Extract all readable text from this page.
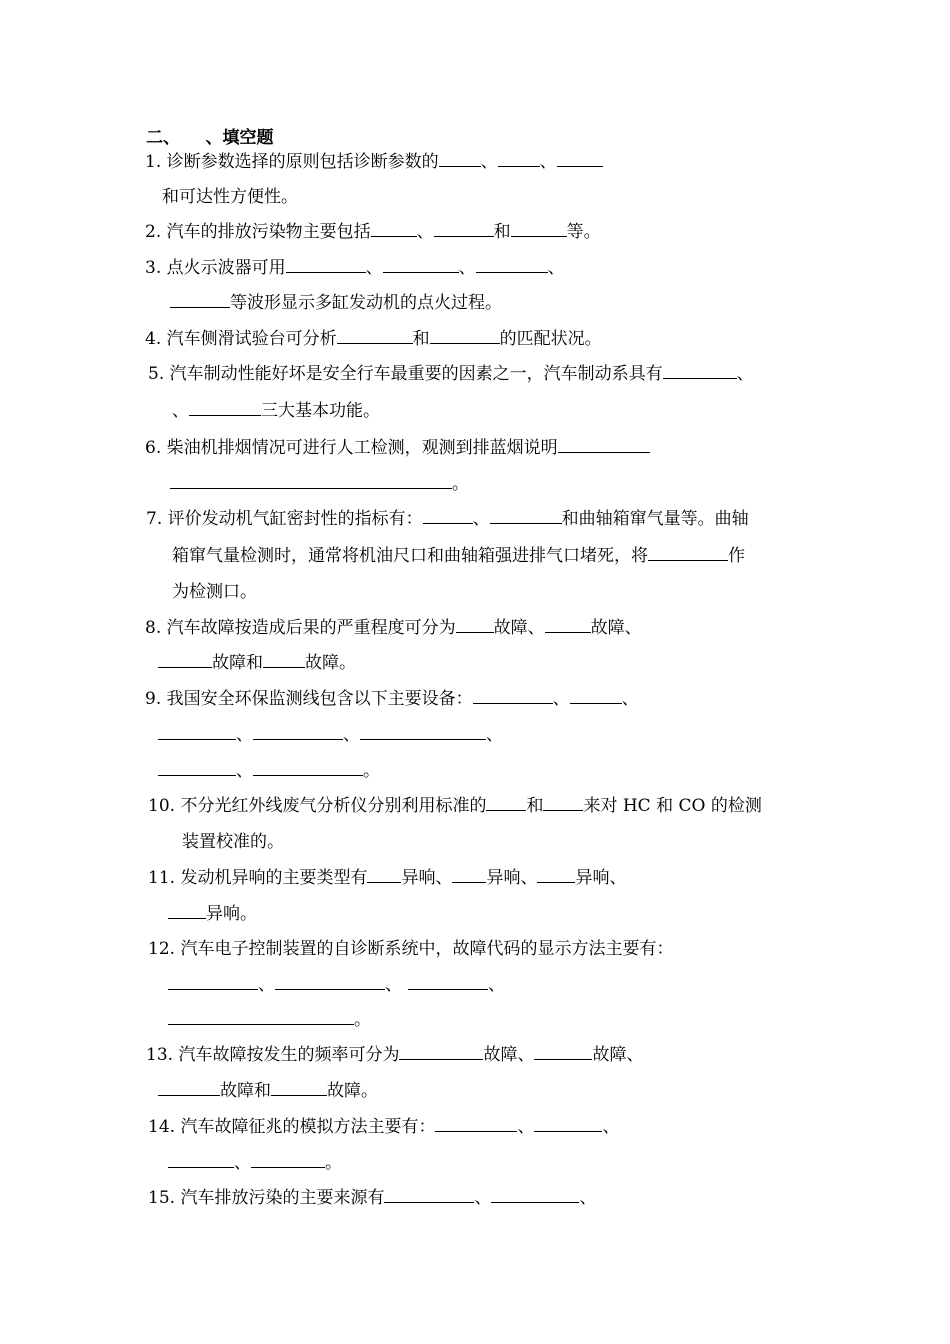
二、　　、填空题
1. 诊断参数选择的原则包括诊断参数的 、 、
和可达性方便性。
2. 汽车的排放污染物主要包括	、	和	等。
3. 点火示波器可用	、	、	、
等波形显示多缸发动机的点火过程。
4. 汽车侧滑试验台可分析	和	的匹配状况。
5. 汽车制动性能好坏是安全行车最重要的因素之一，汽车制动系具有	、
、	三大基本功能。
6. 柴油机排烟情况可进行人工检测，观测到排蓝烟说明
。
7. 评价发动机气缸密封性的指标有：	、	和曲轴箱窜气量等。曲轴
箱窜气量检测时，通常将机油尺口和曲轴箱强进排气口堵死，将	作
为检测口。
8. 汽车故障按造成后果的严重程度可分为 故障、	故障、
故障和 故障。
9. 我国安全环保监测线包含以下主要设备：	、	、
、	、	、
、	。
10. 不分光红外线废气分析仪分别利用标准的 和 来对 HC 和 CO 的检测
装置校准的。
11. 发动机异响的主要类型有 异响、 异响、 异响、
异响。
12. 汽车电子控制装置的自诊断系统中，故障代码的显示方法主要有：
、	、	、
。
13. 汽车故障按发生的频率可分为	故障、	故障、
故障和	故障。
14. 汽车故障征兆的模拟方法主要有：	、	、
、	。
15. 汽车排放污染的主要来源有	、	、
